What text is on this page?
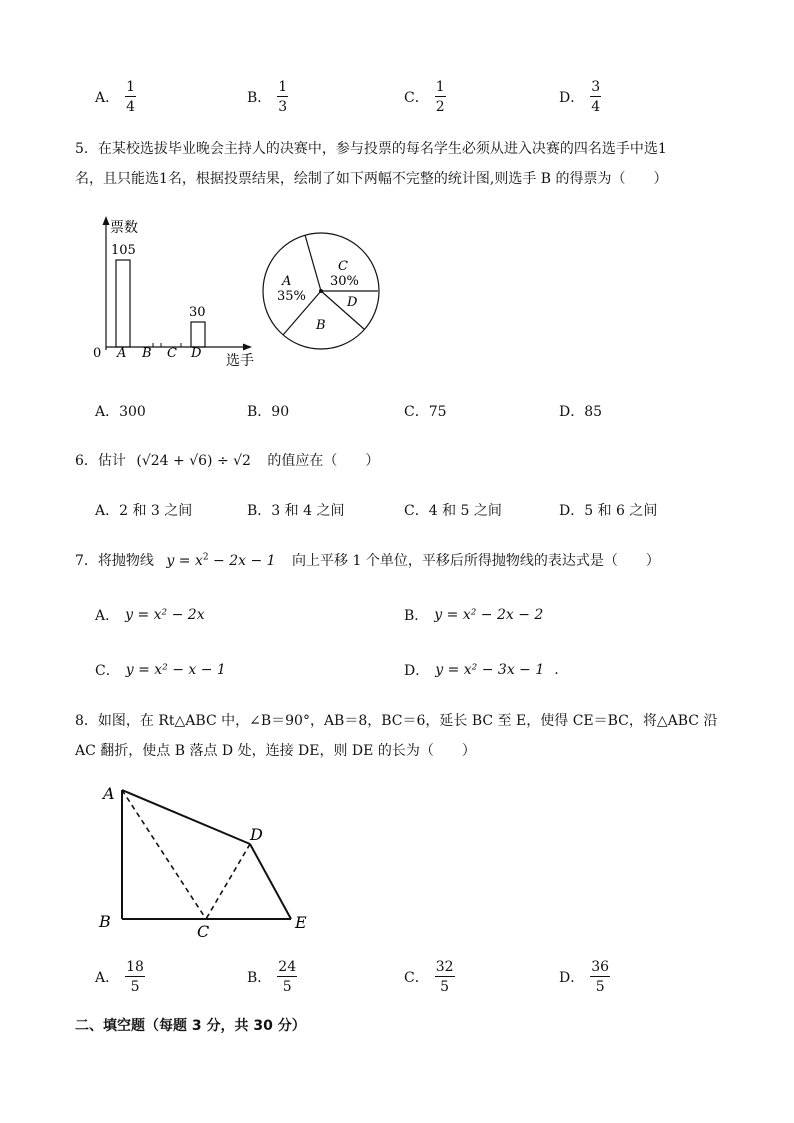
A． $\frac{1}{4}$	B． $\frac{1}{3}$	C． $\frac{1}{2}$	D． $\frac{3}{4}$
5．在某校选拔毕业晚会主持人的决赛中，参与投票的每名学生必须从进入决赛的四名选手中选1
名，且只能选1名，根据投票结果，绘制了如下两幅不完整的统计图,则选手 B 的得票为（　　）
票数
0
105
30
A B C D 选手
A
35%
C
30%
D
B
A．300	B．90	C．75	D．85
6．估计 (√24 + √6) ÷ √2 的值应在（　　）
A．2 和 3 之间	B．3 和 4 之间	C．4 和 5 之间	D．5 和 6 之间
7．将抛物线 $y = x^2 - 2x - 1$ 向上平移 1 个单位，平移后所得抛物线的表达式是（　　）
A． y = x² − 2x	B． y = x² − 2x − 2
C． y = x² − x − 1	D． y = x² − 3x − 1 .
8．如图，在 Rt△ABC 中，∠B＝90°，AB＝8，BC＝6，延长 BC 至 E，使得 CE＝BC，将△ABC 沿
AC 翻折，使点 B 落点 D 处，连接 DE，则 DE 的长为（　　）
A
B
C
D
E
A． $\frac{18}{5}$	B． $\frac{24}{5}$	C． $\frac{32}{5}$	D． $\frac{36}{5}$
二、填空题（每题 3 分，共 30 分）
